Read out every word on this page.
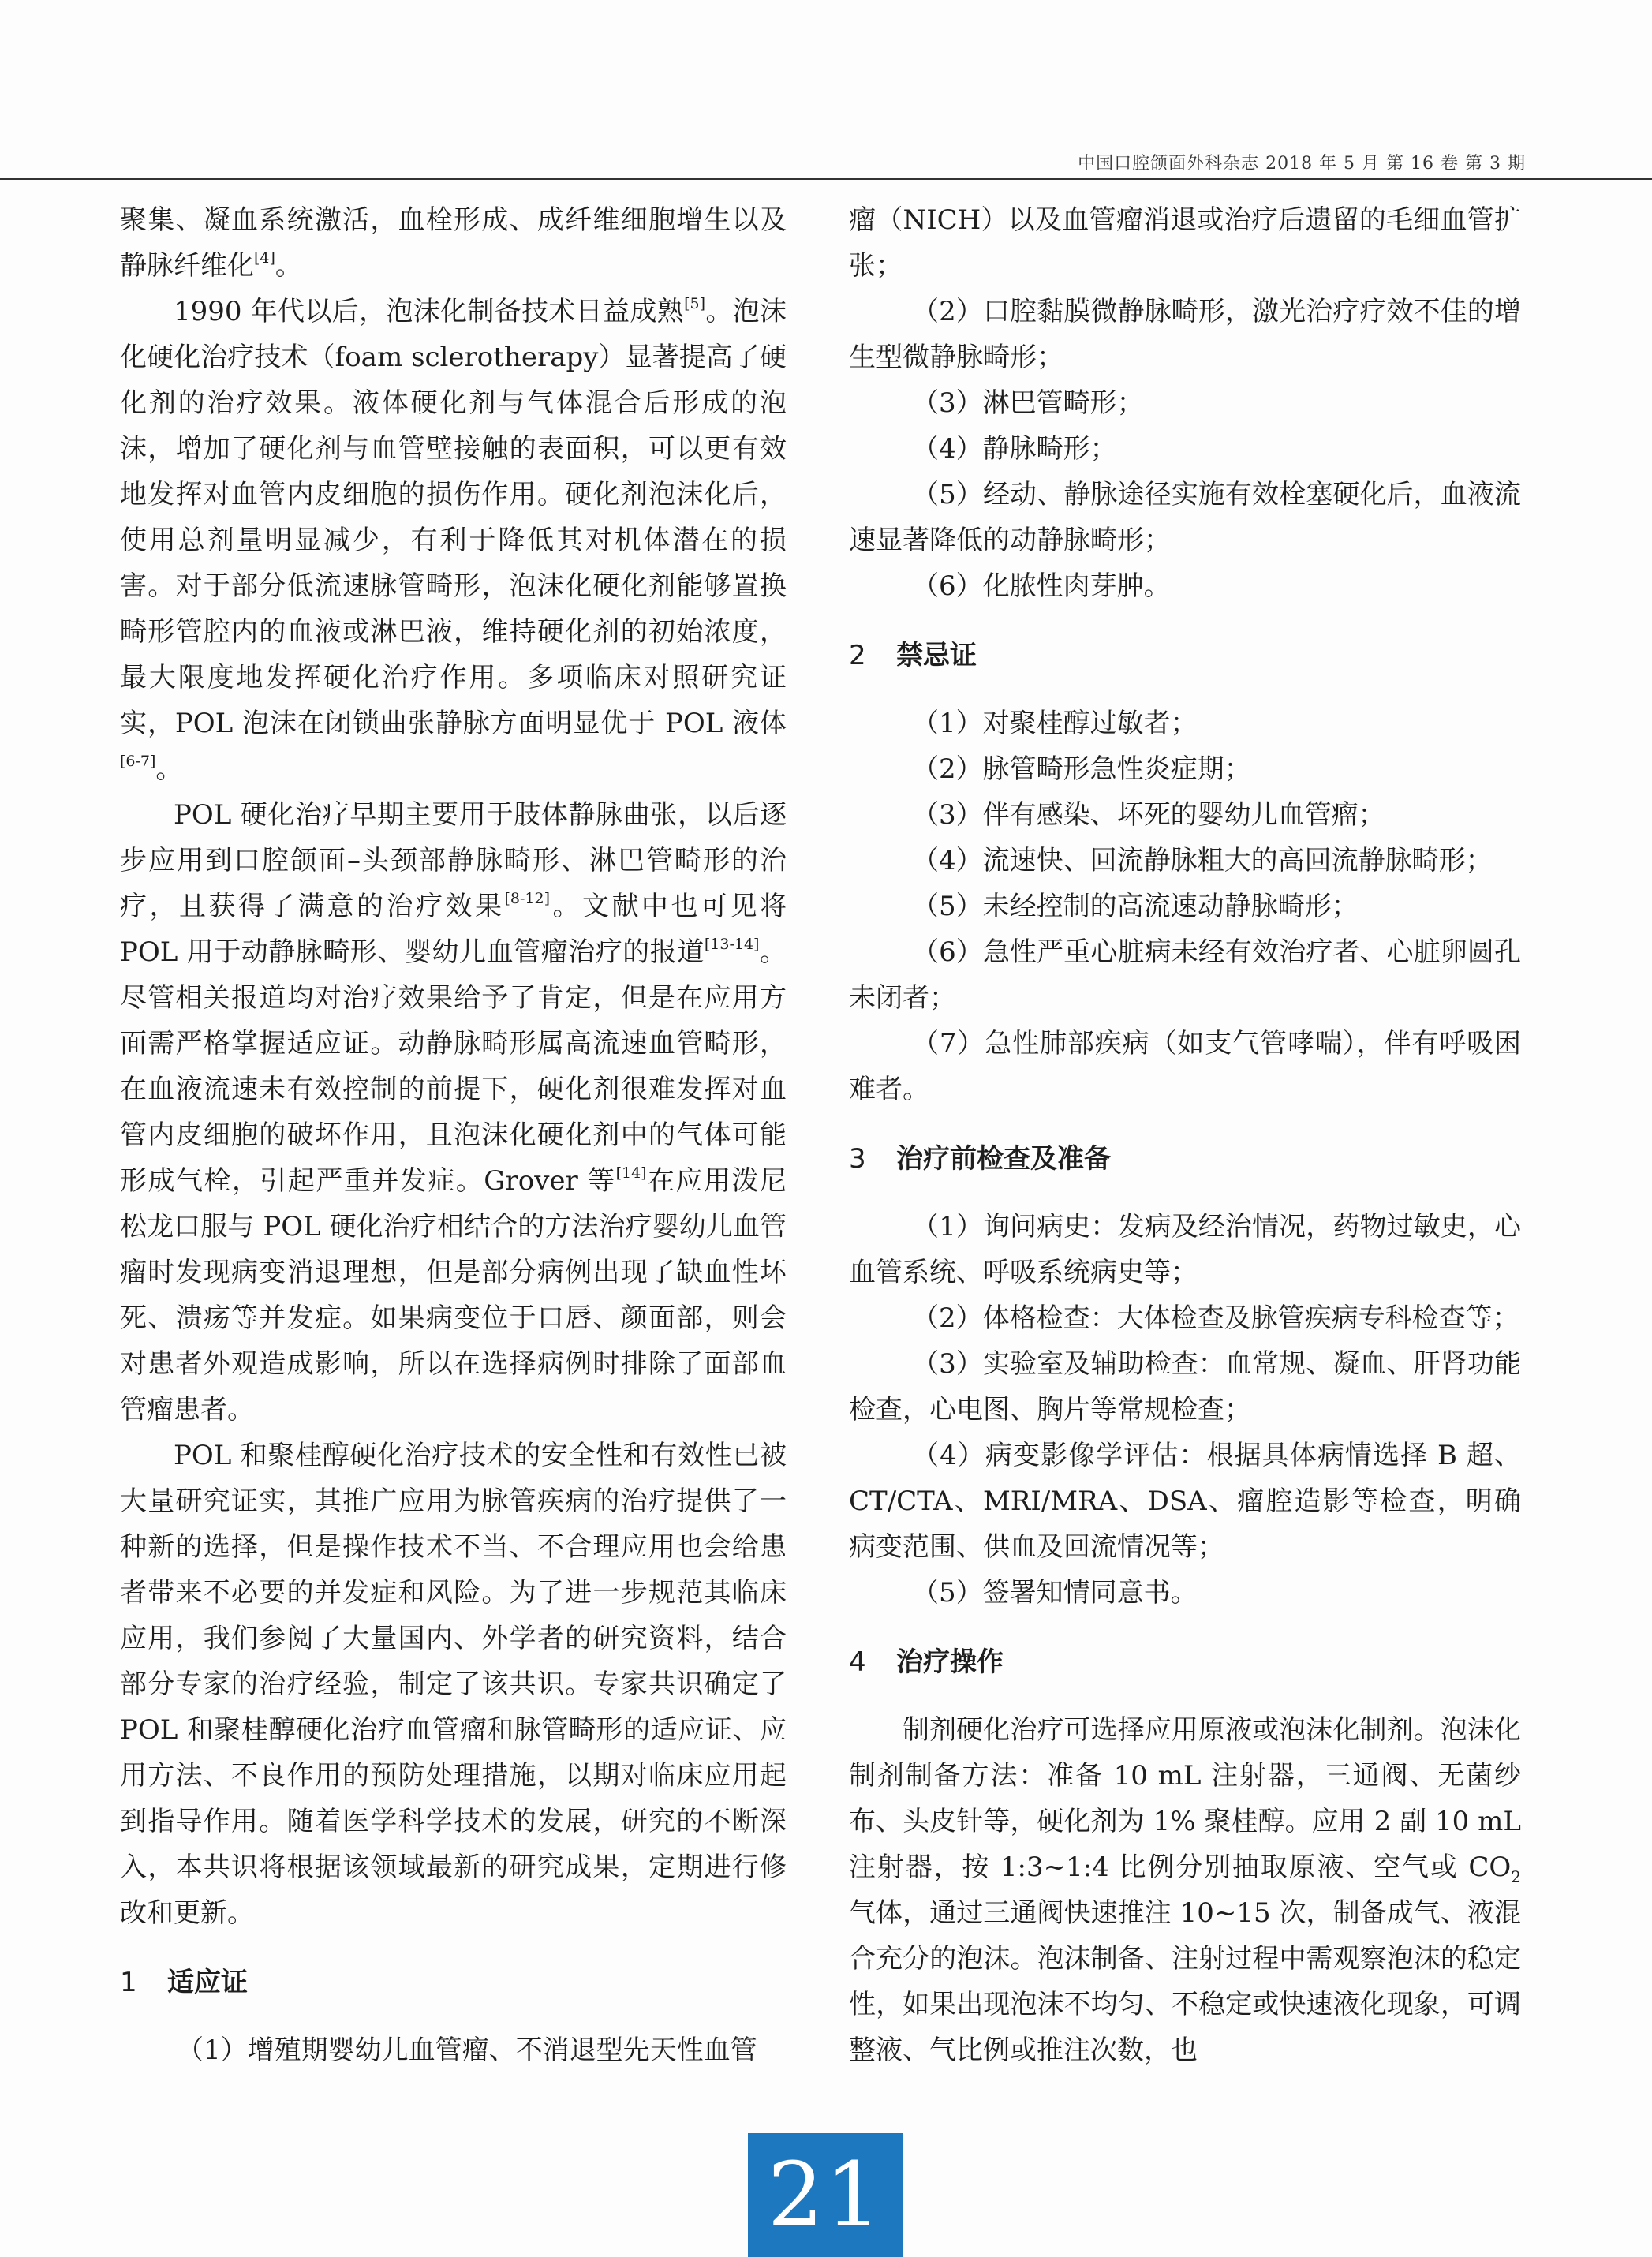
中国口腔颌面外科杂志 2018 年 5 月 第 16 卷 第 3 期

聚集、凝血系统激活，血栓形成、成纤维细胞增生以及静脉纤维化[4]。

1990 年代以后，泡沫化制备技术日益成熟[5]。泡沫化硬化治疗技术（foam sclerotherapy）显著提高了硬化剂的治疗效果。液体硬化剂与气体混合后形成的泡沫，增加了硬化剂与血管壁接触的表面积，可以更有效地发挥对血管内皮细胞的损伤作用。硬化剂泡沫化后，使用总剂量明显减少，有利于降低其对机体潜在的损害。对于部分低流速脉管畸形，泡沫化硬化剂能够置换畸形管腔内的血液或淋巴液，维持硬化剂的初始浓度，最大限度地发挥硬化治疗作用。多项临床对照研究证实，POL 泡沫在闭锁曲张静脉方面明显优于 POL 液体[6-7]。

POL 硬化治疗早期主要用于肢体静脉曲张，以后逐步应用到口腔颌面–头颈部静脉畸形、淋巴管畸形的治疗，且获得了满意的治疗效果[8-12]。文献中也可见将 POL 用于动静脉畸形、婴幼儿血管瘤治疗的报道[13-14]。尽管相关报道均对治疗效果给予了肯定，但是在应用方面需严格掌握适应证。动静脉畸形属高流速血管畸形，在血液流速未有效控制的前提下，硬化剂很难发挥对血管内皮细胞的破坏作用，且泡沫化硬化剂中的气体可能形成气栓，引起严重并发症。Grover 等[14]在应用泼尼松龙口服与 POL 硬化治疗相结合的方法治疗婴幼儿血管瘤时发现病变消退理想，但是部分病例出现了缺血性坏死、溃疡等并发症。如果病变位于口唇、颜面部，则会对患者外观造成影响，所以在选择病例时排除了面部血管瘤患者。

POL 和聚桂醇硬化治疗技术的安全性和有效性已被大量研究证实，其推广应用为脉管疾病的治疗提供了一种新的选择，但是操作技术不当、不合理应用也会给患者带来不必要的并发症和风险。为了进一步规范其临床应用，我们参阅了大量国内、外学者的研究资料，结合部分专家的治疗经验，制定了该共识。专家共识确定了 POL 和聚桂醇硬化治疗血管瘤和脉管畸形的适应证、应用方法、不良作用的预防处理措施，以期对临床应用起到指导作用。随着医学科学技术的发展，研究的不断深入，本共识将根据该领域最新的研究成果，定期进行修改和更新。

1 适应证

（1）增殖期婴幼儿血管瘤、不消退型先天性血管

瘤（NICH）以及血管瘤消退或治疗后遗留的毛细血管扩张；

（2）口腔黏膜微静脉畸形，激光治疗疗效不佳的增生型微静脉畸形；

（3）淋巴管畸形；

（4）静脉畸形；

（5）经动、静脉途径实施有效栓塞硬化后，血液流速显著降低的动静脉畸形；

（6）化脓性肉芽肿。

2 禁忌证

（1）对聚桂醇过敏者；

（2）脉管畸形急性炎症期；

（3）伴有感染、坏死的婴幼儿血管瘤；

（4）流速快、回流静脉粗大的高回流静脉畸形；

（5）未经控制的高流速动静脉畸形；

（6）急性严重心脏病未经有效治疗者、心脏卵圆孔未闭者；

（7）急性肺部疾病（如支气管哮喘），伴有呼吸困难者。

3 治疗前检查及准备

（1）询问病史：发病及经治情况，药物过敏史，心血管系统、呼吸系统病史等；

（2）体格检查：大体检查及脉管疾病专科检查等；

（3）实验室及辅助检查：血常规、凝血、肝肾功能检查，心电图、胸片等常规检查；

（4）病变影像学评估：根据具体病情选择 B 超、CT/CTA、MRI/MRA、DSA、瘤腔造影等检查，明确病变范围、供血及回流情况等；

（5）签署知情同意书。

4 治疗操作

制剂硬化治疗可选择应用原液或泡沫化制剂。泡沫化制剂制备方法：准备 10 mL 注射器，三通阀、无菌纱布、头皮针等，硬化剂为 1% 聚桂醇。应用 2 副 10 mL 注射器，按 1:3~1:4 比例分别抽取原液、空气或 $CO_2$ 气体，通过三通阀快速推注 10~15 次，制备成气、液混合充分的泡沫。泡沫制备、注射过程中需观察泡沫的稳定性，如果出现泡沫不均匀、不稳定或快速液化现象，可调整液、气比例或推注次数，也

21
